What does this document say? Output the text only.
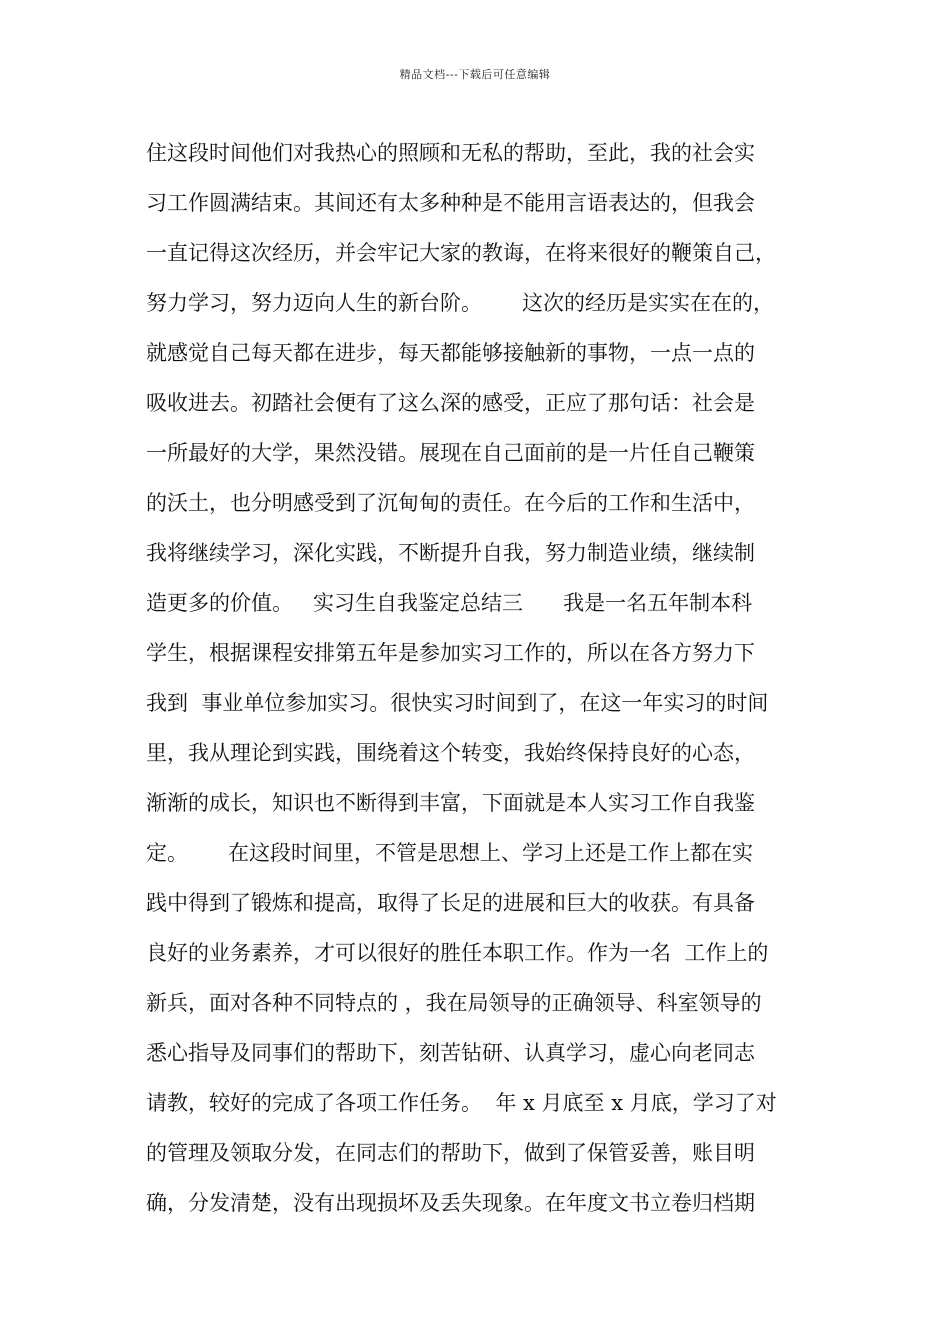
精品文档---下载后可任意编辑
住这段时间他们对我热心的照顾和无私的帮助，至此，我的社会实
习工作圆满结束。其间还有太多种种是不能用言语表达的，但我会
一直记得这次经历，并会牢记大家的教诲，在将来很好的鞭策自己，
努力学习，努力迈向人生的新台阶。      这次的经历是实实在在的，
就感觉自己每天都在进步，每天都能够接触新的事物，一点一点的
吸收进去。初踏社会便有了这么深的感受，正应了那句话：社会是
一所最好的大学，果然没错。展现在自己面前的是一片任自己鞭策
的沃土，也分明感受到了沉甸甸的责任。在今后的工作和生活中，
我将继续学习，深化实践，不断提升自我，努力制造业绩，继续制
造更多的价值。   实习生自我鉴定总结三      我是一名五年制本科
学生，根据课程安排第五年是参加实习工作的，所以在各方努力下
我到  事业单位参加实习。很快实习时间到了，在这一年实习的时间
里，我从理论到实践，围绕着这个转变，我始终保持良好的心态，
渐渐的成长，知识也不断得到丰富，下面就是本人实习工作自我鉴
定。      在这段时间里，不管是思想上、学习上还是工作上都在实
践中得到了锻炼和提高，取得了长足的进展和巨大的收获。有具备
良好的业务素养，才可以很好的胜任本职工作。作为一名  工作上的
新兵，面对各种不同特点的 ，我在局领导的正确领导、科室领导的
悉心指导及同事们的帮助下，刻苦钻研、认真学习，虚心向老同志
请教，较好的完成了各项工作任务。  年 x 月底至 x 月底，学习了对
的管理及领取分发，在同志们的帮助下，做到了保管妥善，账目明
确，分发清楚，没有出现损坏及丢失现象。在年度文书立卷归档期
